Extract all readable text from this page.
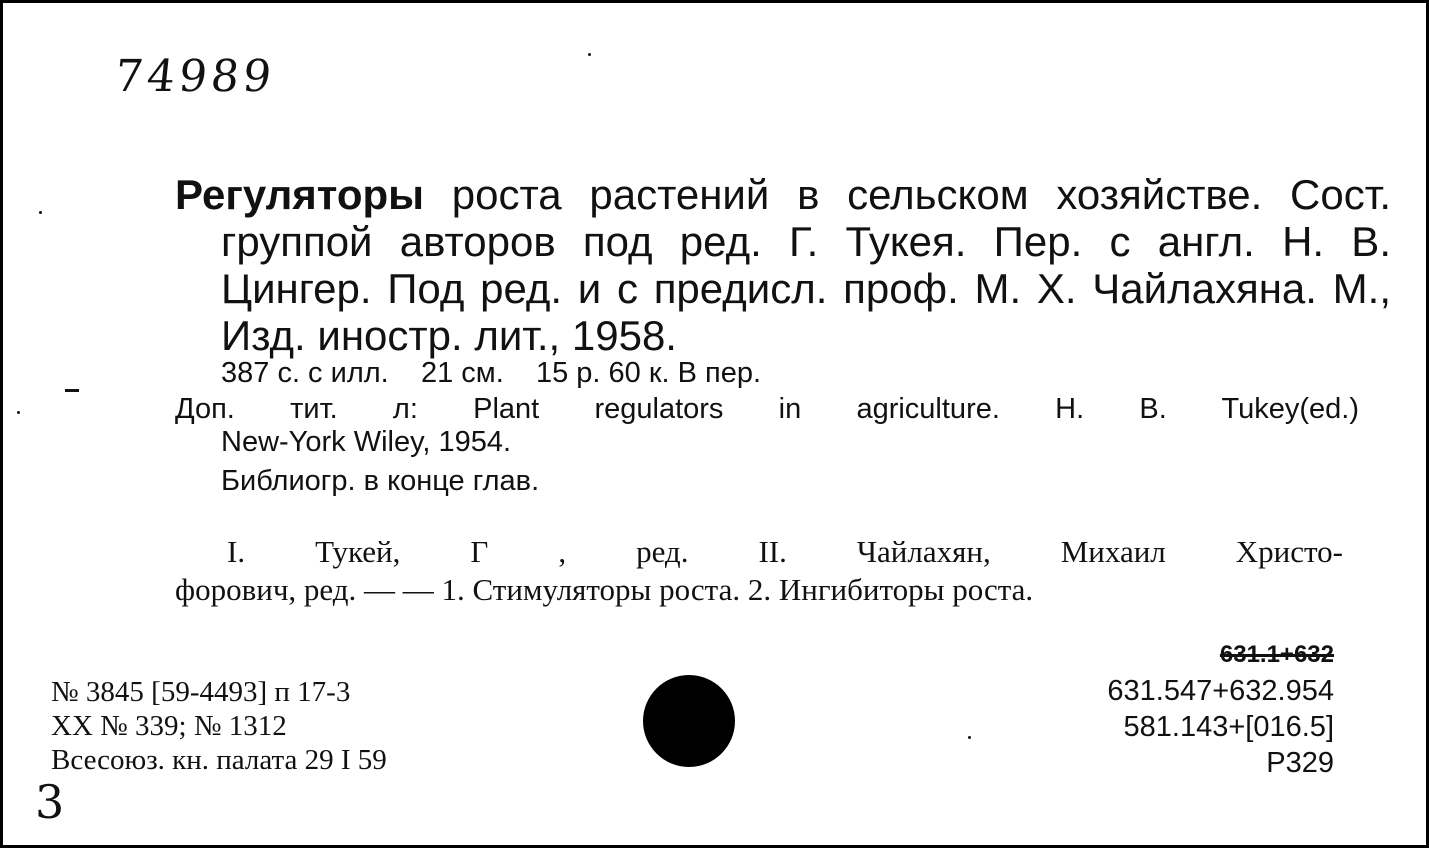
74989
Регуляторы роста растений в сельском хозяйстве. Сост. группой авторов под ред. Г. Тукея. Пер. с англ. Н. В. Цингер. Под ред. и с предисл. проф. М. Х. Чайлахяна. М., Изд. иностр. лит., 1958.
387 с. с илл.    21 см.    15 р. 60 к. В пер.
Доп. тит. л: Plant regulators in agriculture. H. B. Tukey(ed.)
New-York Wiley, 1954.
Библиогр. в конце глав.
I. Тукей, Г , ред. II. Чайлахян, Михаил Христо-
форович, ред. — — 1. Стимуляторы роста. 2. Ингибиторы роста.
№ 3845 [59-4493] п 17-3
XX № 339; № 1312
Всесоюз. кн. палата 29 I 59
631.1+632
631.547+632.954
581.143+[016.5]
Р329
3
